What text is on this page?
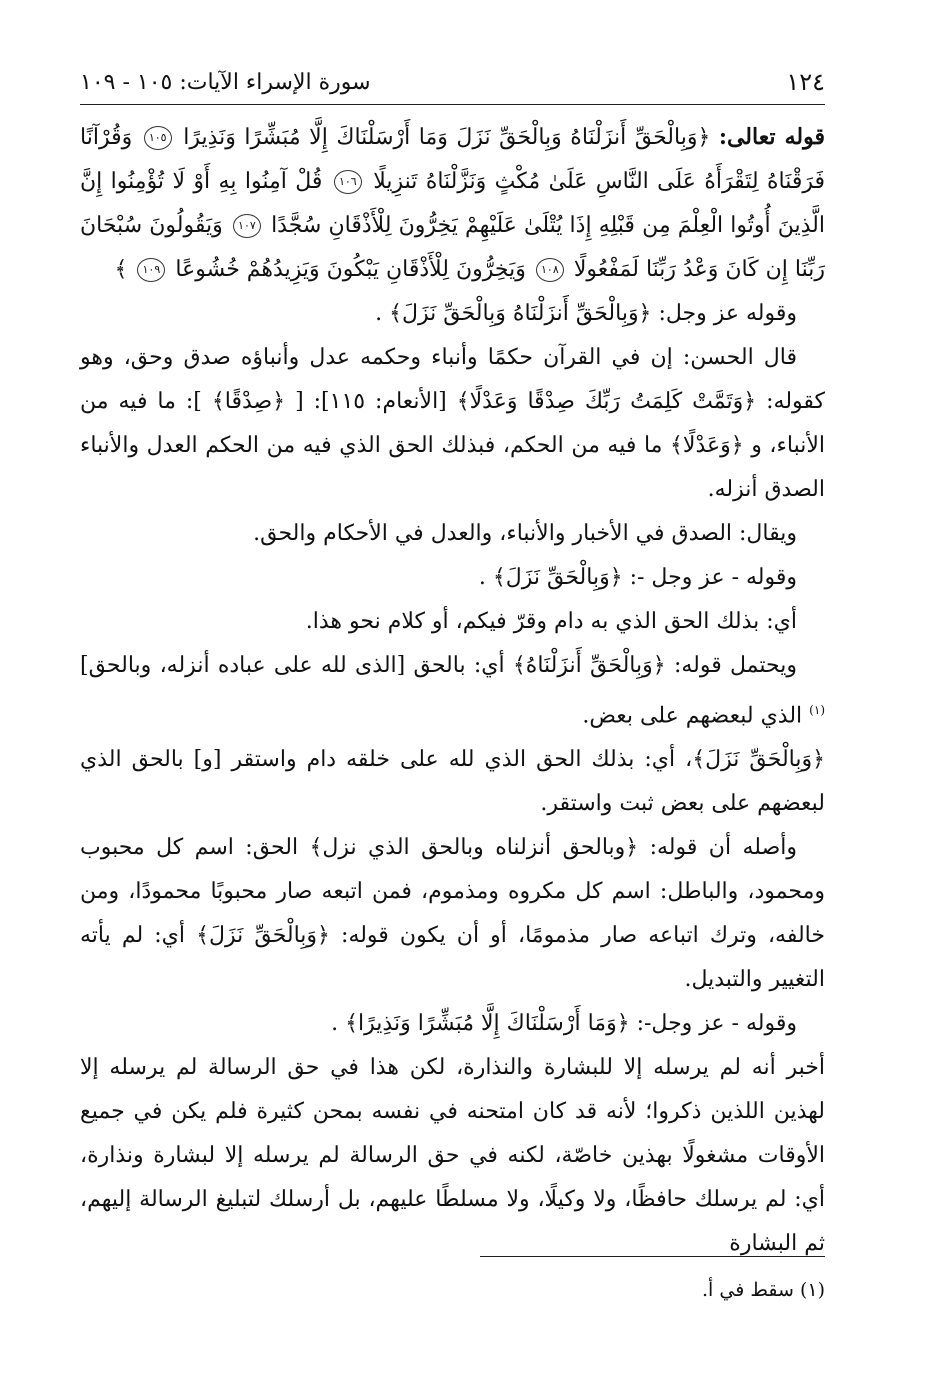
١٢٤
سورة الإسراء الآيات: ١٠٥ - ١٠٩

قوله تعالى: ﴿وَبِالْحَقِّ أَنزَلْنَاهُ وَبِالْحَقِّ نَزَلَ وَمَا أَرْسَلْنَاكَ إِلَّا مُبَشِّرًا وَنَذِيرًا ١٠٥ وَقُرْآنًا فَرَقْنَاهُ لِتَقْرَأَهُ عَلَى النَّاسِ عَلَىٰ مُكْثٍ وَنَزَّلْنَاهُ تَنزِيلًا ١٠٦ قُلْ آمِنُوا بِهِ أَوْ لَا تُؤْمِنُوا إِنَّ الَّذِينَ أُوتُوا الْعِلْمَ مِن قَبْلِهِ إِذَا يُتْلَىٰ عَلَيْهِمْ يَخِرُّونَ لِلْأَذْقَانِ سُجَّدًا ١٠٧ وَيَقُولُونَ سُبْحَانَ رَبِّنَا إِن كَانَ وَعْدُ رَبِّنَا لَمَفْعُولًا ١٠٨ وَيَخِرُّونَ لِلْأَذْقَانِ يَبْكُونَ وَيَزِيدُهُمْ خُشُوعًا ١٠٩ ﴾

وقوله عز وجل: ﴿وَبِالْحَقِّ أَنزَلْنَاهُ وَبِالْحَقِّ نَزَلَ﴾ .

قال الحسن: إن في القرآن حكمًا وأنباء وحكمه عدل وأنباؤه صدق وحق، وهو كقوله: ﴿وَتَمَّتْ كَلِمَتُ رَبِّكَ صِدْقًا وَعَدْلًا﴾ [الأنعام: ١١٥]: [ ﴿صِدْقًا﴾ ]: ما فيه من الأنباء، و ﴿وَعَدْلًا﴾ ما فيه من الحكم، فبذلك الحق الذي فيه من الحكم العدل والأنباء الصدق أنزله.

ويقال: الصدق في الأخبار والأنباء، والعدل في الأحكام والحق.

وقوله - عز وجل -: ﴿وَبِالْحَقِّ نَزَلَ﴾ .

أي: بذلك الحق الذي به دام وقرّ فيكم، أو كلام نحو هذا.

ويحتمل قوله: ﴿وَبِالْحَقِّ أَنزَلْنَاهُ﴾ أي: بالحق [الذى لله على عباده أنزله، وبالحق]$^{(١)}$ الذي لبعضهم على بعض.

﴿وَبِالْحَقِّ نَزَلَ﴾، أي: بذلك الحق الذي لله على خلقه دام واستقر [و] بالحق الذي لبعضهم على بعض ثبت واستقر.

وأصله أن قوله: ﴿وبالحق أنزلناه وبالحق الذي نزل﴾ الحق: اسم كل محبوب ومحمود، والباطل: اسم كل مكروه ومذموم، فمن اتبعه صار محبوبًا محمودًا، ومن خالفه، وترك اتباعه صار مذمومًا، أو أن يكون قوله: ﴿وَبِالْحَقِّ نَزَلَ﴾ أي: لم يأته التغيير والتبديل.

وقوله - عز وجل-: ﴿وَمَا أَرْسَلْنَاكَ إِلَّا مُبَشِّرًا وَنَذِيرًا﴾ .

أخبر أنه لم يرسله إلا للبشارة والنذارة، لكن هذا في حق الرسالة لم يرسله إلا لهذين اللذين ذكروا؛ لأنه قد كان امتحنه في نفسه بمحن كثيرة فلم يكن في جميع الأوقات مشغولًا بهذين خاصّة، لكنه في حق الرسالة لم يرسله إلا لبشارة ونذارة، أي: لم يرسلك حافظًا، ولا وكيلًا، ولا مسلطًا عليهم، بل أرسلك لتبليغ الرسالة إليهم، ثم البشارة

(١) سقط في أ.
